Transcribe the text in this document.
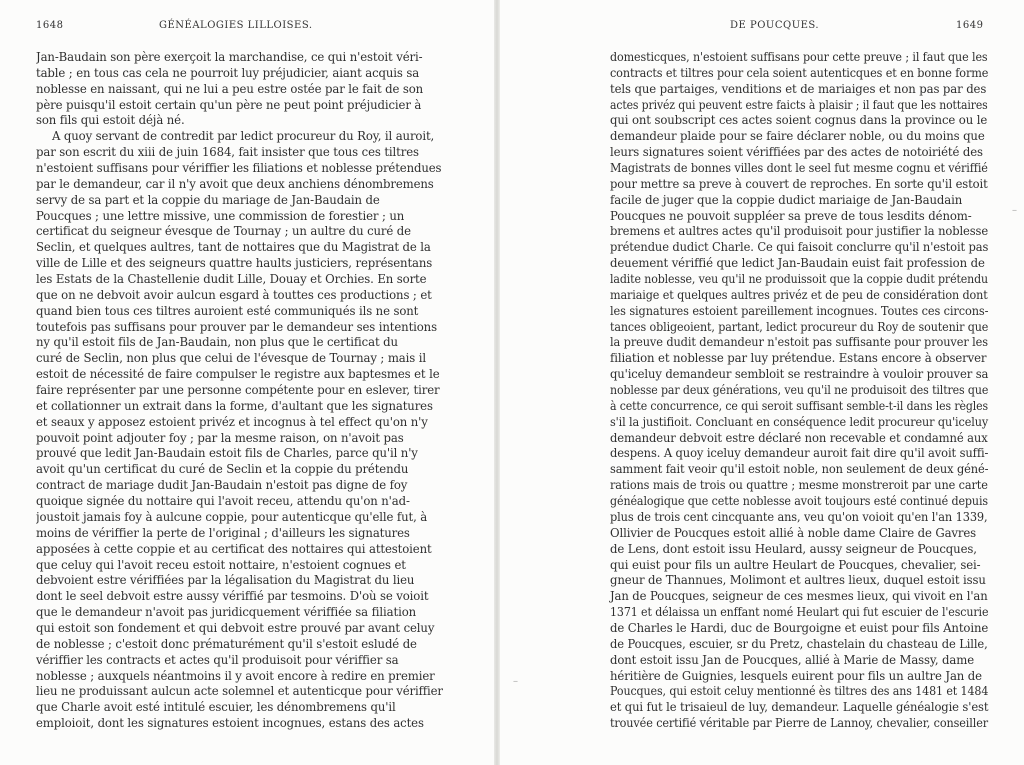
1648	GÉNÉALOGIES LILLOISES.
Jan-Baudain son père exerçoit la marchandise, ce qui n'estoit véri-
table ; en tous cas cela ne pourroit luy préjudicier, aiant acquis sa
noblesse en naissant, qui ne lui a peu estre ostée par le fait de son
père puisqu'il estoit certain qu'un père ne peut point préjudicier à
son fils qui estoit déjà né.
A quoy servant de contredit par ledict procureur du Roy, il auroit,
par son escrit du xiii de juin 1684, fait insister que tous ces tiltres
n'estoient suffisans pour vériffier les filiations et noblesse prétendues
par le demandeur, car il n'y avoit que deux anchiens dénombremens
servy de sa part et la coppie du mariage de Jan-Baudain de
Poucques ; une lettre missive, une commission de forestier ; un
certificat du seigneur évesque de Tournay ; un aultre du curé de
Seclin, et quelques aultres, tant de nottaires que du Magistrat de la
ville de Lille et des seigneurs quattre haults justiciers, représentans
les Estats de la Chastellenie dudit Lille, Douay et Orchies. En sorte
que on ne debvoit avoir aulcun esgard à touttes ces productions ; et
quand bien tous ces tiltres auroient esté communiqués ils ne sont
toutefois pas suffisans pour prouver par le demandeur ses intentions
ny qu'il estoit fils de Jan-Baudain, non plus que le certificat du
curé de Seclin, non plus que celui de l'évesque de Tournay ; mais il
estoit de nécessité de faire compulser le registre aux baptesmes et le
faire représenter par une personne compétente pour en eslever, tirer
et collationner un extrait dans la forme, d'aultant que les signatures
et seaux y apposez estoient privéz et incognus à tel effect qu'on n'y
pouvoit point adjouter foy ; par la mesme raison, on n'avoit pas
prouvé que ledit Jan-Baudain estoit fils de Charles, parce qu'il n'y
avoit qu'un certificat du curé de Seclin et la coppie du prétendu
contract de mariage dudit Jan-Baudain n'estoit pas digne de foy
quoique signée du nottaire qui l'avoit receu, attendu qu'on n'ad-
joustoit jamais foy à aulcune coppie, pour autenticque qu'elle fut, à
moins de vériffier la perte de l'original ; d'ailleurs les signatures
apposées à cette coppie et au certificat des nottaires qui attestoient
que celuy qui l'avoit receu estoit nottaire, n'estoient cognues et
debvoient estre vériffiées par la légalisation du Magistrat du lieu
dont le seel debvoit estre aussy vériffié par tesmoins. D'où se voioit
que le demandeur n'avoit pas juridicquement vériffiée sa filiation
qui estoit son fondement et qui debvoit estre prouvé par avant celuy
de noblesse ; c'estoit donc prématurément qu'il s'estoit esludé de
vériffier les contracts et actes qu'il produisoit pour vériffier sa
noblesse ; auxquels néantmoins il y avoit encore à redire en premier
lieu ne produissant aulcun acte solemnel et autenticque pour vériffier
que Charle avoit esté intitulé escuier, les dénombremens qu'il
emploioit, dont les signatures estoient incognues, estans des actes
DE POUCQUES.	1649
domesticques, n'estoient suffisans pour cette preuve ; il faut que les
contracts et tiltres pour cela soient autenticques et en bonne forme
tels que partaiges, venditions et de mariaiges et non pas par des
actes privéz qui peuvent estre faicts à plaisir ; il faut que les nottaires
qui ont soubscript ces actes soient cognus dans la province ou le
demandeur plaide pour se faire déclarer noble, ou du moins que
leurs signatures soient vériffiées par des actes de notoiriété des
Magistrats de bonnes villes dont le seel fut mesme cognu et vériffié
pour mettre sa preve à couvert de reproches. En sorte qu'il estoit
facile de juger que la coppie dudict mariaige de Jan-Baudain
Poucques ne pouvoit suppléer sa preve de tous lesdits dénom-
bremens et aultres actes qu'il produisoit pour justifier la noblesse
prétendue dudict Charle. Ce qui faisoit conclurre qu'il n'estoit pas
deuement vériffié que ledict Jan-Baudain euist fait profession de
ladite noblesse, veu qu'il ne produissoit que la coppie dudit prétendu
mariaige et quelques aultres privéz et de peu de considération dont
les signatures estoient pareillement incognues. Toutes ces circons-
tances obligeoient, partant, ledict procureur du Roy de soutenir que
la preuve dudit demandeur n'estoit pas suffisante pour prouver les
filiation et noblesse par luy prétendue. Estans encore à observer
qu'iceluy demandeur sembloit se restraindre à vouloir prouver sa
noblesse par deux générations, veu qu'il ne produisoit des tiltres que
à cette concurrence, ce qui seroit suffisant semble-t-il dans les règles
s'il la justifioit. Concluant en conséquence ledit procureur qu'iceluy
demandeur debvoit estre déclaré non recevable et condamné aux
despens. A quoy iceluy demandeur auroit fait dire qu'il avoit suffi-
samment fait veoir qu'il estoit noble, non seulement de deux géné-
rations mais de trois ou quattre ; mesme monstreroit par une carte
généalogique que cette noblesse avoit toujours esté continué depuis
plus de trois cent cincquante ans, veu qu'on voioit qu'en l'an 1339,
Ollivier de Poucques estoit allié à noble dame Claire de Gavres
de Lens, dont estoit issu Heulard, aussy seigneur de Poucques,
qui euist pour fils un aultre Heulart de Poucques, chevalier, sei-
gneur de Thannues, Molimont et aultres lieux, duquel estoit issu
Jan de Poucques, seigneur de ces mesmes lieux, qui vivoit en l'an
1371 et délaissa un enffant nomé Heulart qui fut escuier de l'escurie
de Charles le Hardi, duc de Bourgoigne et euist pour fils Antoine
de Poucques, escuier, sr du Pretz, chastelain du chasteau de Lille,
dont estoit issu Jan de Poucques, allié à Marie de Massy, dame
héritière de Guignies, lesquels euirent pour fils un aultre Jan de
Poucques, qui estoit celuy mentionné ès tiltres des ans 1481 et 1484
et qui fut le trisaieul de luy, demandeur. Laquelle généalogie s'est
trouvée certifié véritable par Pierre de Lannoy, chevalier, conseiller
–
–
